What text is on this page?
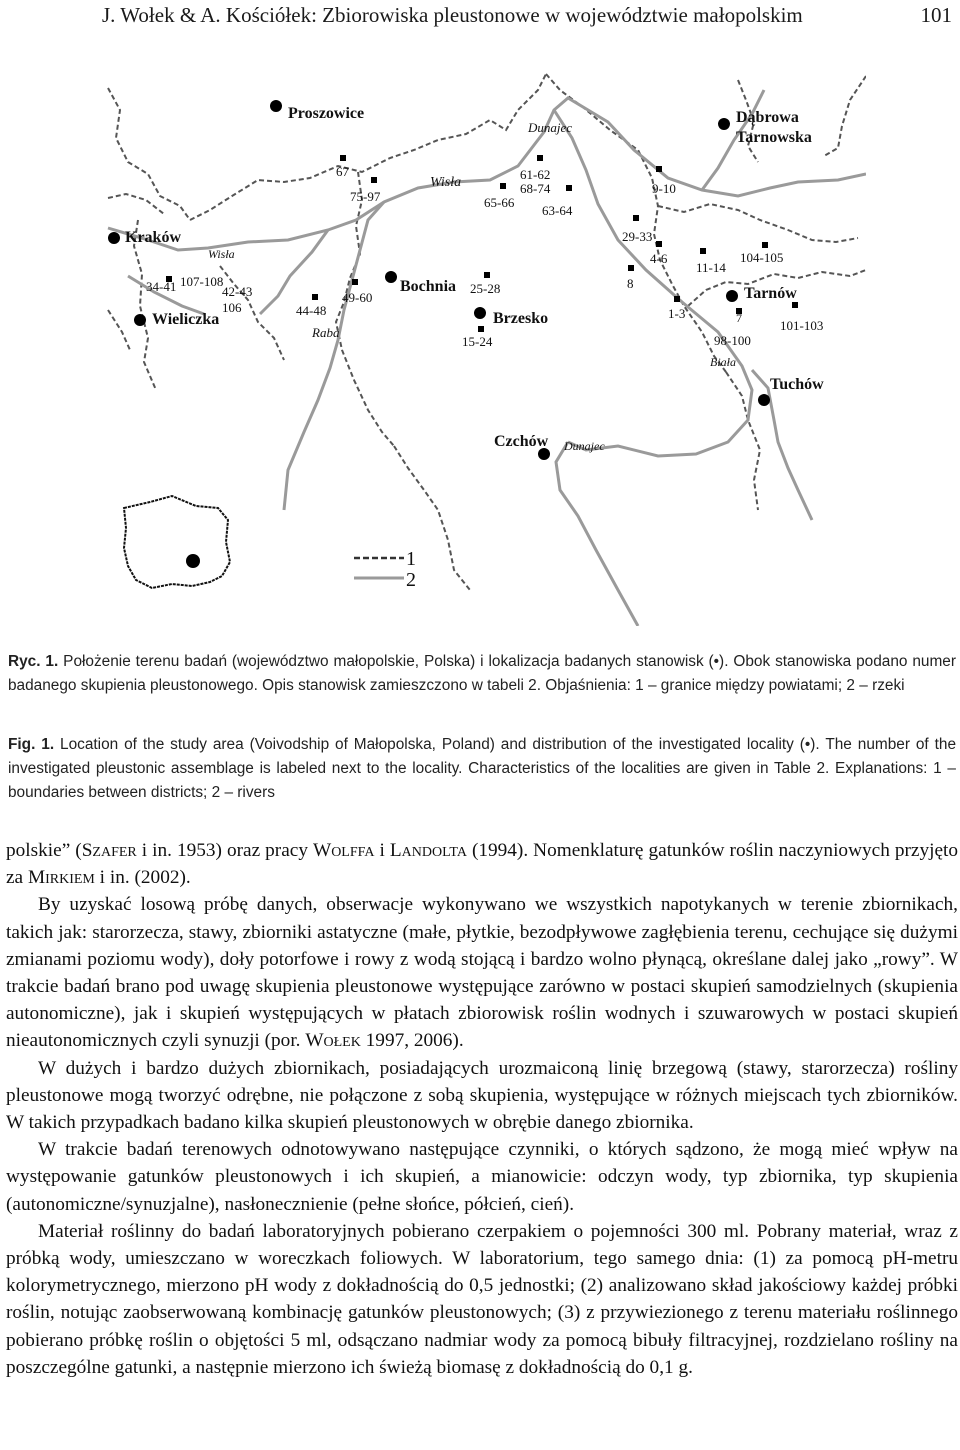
J. Wołek & A. Kościółek: Zbiorowiska pleustonowe w województwie małopolskim	101
1
2
Proszowice	Dąbrowa
Tarnowska
Kraków
Wieliczka
Bochnia
Brzesko
Tarnów
Tuchów
Czchów
Dunajec
Wisła
Wisła
Raba
Biała
Dunajec
67
75-97
61-62
68-74
65-66
63-64
9-10
29-33
4-6
8
11-14
104-105
1-3	7
98-100
101-103
34-41 107-108
42-43
106	44-48
49-60
25-28
15-24
Ryc. 1. Położenie terenu badań (województwo małopolskie, Polska) i lokalizacja badanych stanowisk (•). Obok stanowiska podano numer badanego skupienia pleustonowego. Opis stanowisk zamieszczono w tabeli 2. Objaśnienia: 1 – granice między powiatami; 2 – rzeki
Fig. 1. Location of the study area (Voivodship of Małopolska, Poland) and distribution of the investigated locality (•). The number of the investigated pleustonic assemblage is labeled next to the locality. Characteristics of the localities are given in Table 2. Explanations: 1 – boundaries between districts; 2 – rivers

polskie” (Szafer i in. 1953) oraz pracy Wolffa i Landolta (1994). Nomenklaturę gatunków roślin naczyniowych przyjęto za Mirkiem i in. (2002).

By uzyskać losową próbę danych, obserwacje wykonywano we wszystkich napotykanych w terenie zbiornikach, takich jak: starorzecza, stawy, zbiorniki astatyczne (małe, płytkie, bezodpływowe zagłębienia terenu, cechujące się dużymi zmianami poziomu wody), doły potorfowe i rowy z wodą stojącą i bardzo wolno płynącą, określane dalej jako „rowy”. W trakcie badań brano pod uwagę skupienia pleustonowe występujące zarówno w postaci skupień samodzielnych (skupienia autonomiczne), jak i skupień występujących w płatach zbiorowisk roślin wodnych i szuwarowych w postaci skupień nieautonomicznych czyli synuzji (por. Wołek 1997, 2006).

W dużych i bardzo dużych zbiornikach, posiadających urozmaiconą linię brzegową (stawy, starorzecza) rośliny pleustonowe mogą tworzyć odrębne, nie połączone z sobą skupienia, występujące w różnych miejscach tych zbiorników. W takich przypadkach badano kilka skupień pleustonowych w obrębie danego zbiornika.

W trakcie badań terenowych odnotowywano następujące czynniki, o których sądzono, że mogą mieć wpływ na występowanie gatunków pleustonowych i ich skupień, a mianowicie: odczyn wody, typ zbiornika, typ skupienia (autonomiczne/synuzjalne), nasłonecznienie (pełne słońce, półcień, cień).

Materiał roślinny do badań laboratoryjnych pobierano czerpakiem o pojemności 300 ml. Pobrany materiał, wraz z próbką wody, umieszczano w woreczkach foliowych. W laboratorium, tego samego dnia: (1) za pomocą pH-metru kolorymetrycznego, mierzono pH wody z dokładnością do 0,5 jednostki; (2) analizowano skład jakościowy każdej próbki roślin, notując zaobserwowaną kombinację gatunków pleustonowych; (3) z przywiezionego z terenu materiału roślinnego pobierano próbkę roślin o objętości 5 ml, odsączano nadmiar wody za pomocą bibuły filtracyjnej, rozdzielano rośliny na poszczególne gatunki, a następnie mierzono ich świeżą biomasę z dokładnością do 0,1 g.
